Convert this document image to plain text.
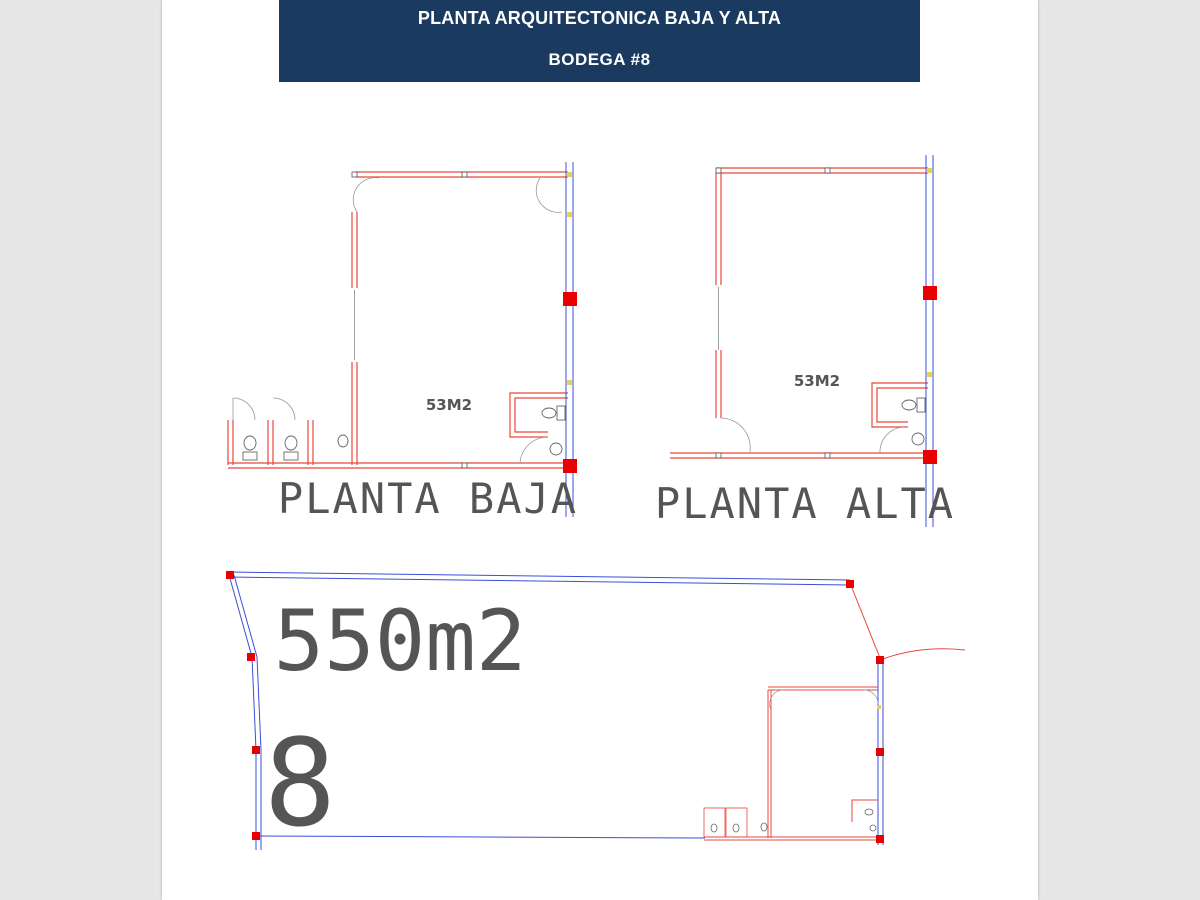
PLANTA ARQUITECTONICA BAJA Y ALTA
BODEGA #8
53M2
PLANTA BAJA
53M2
PLANTA ALTA
550m2
8
